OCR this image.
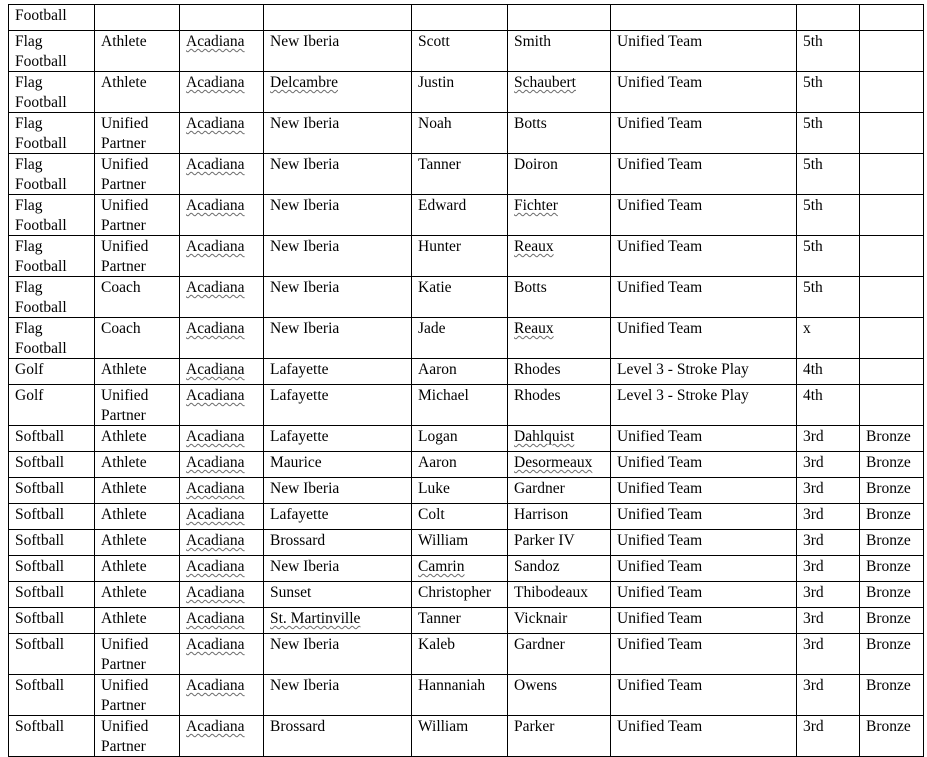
Football								
Flag Football	Athlete	Acadiana	New Iberia	Scott	Smith	Unified Team	5th	
Flag Football	Athlete	Acadiana	Delcambre	Justin	Schaubert	Unified Team	5th	
Flag Football	Unified Partner	Acadiana	New Iberia	Noah	Botts	Unified Team	5th	
Flag Football	Unified Partner	Acadiana	New Iberia	Tanner	Doiron	Unified Team	5th	
Flag Football	Unified Partner	Acadiana	New Iberia	Edward	Fichter	Unified Team	5th	
Flag Football	Unified Partner	Acadiana	New Iberia	Hunter	Reaux	Unified Team	5th	
Flag Football	Coach	Acadiana	New Iberia	Katie	Botts	Unified Team	5th	
Flag Football	Coach	Acadiana	New Iberia	Jade	Reaux	Unified Team	x	
Golf	Athlete	Acadiana	Lafayette	Aaron	Rhodes	Level 3 - Stroke Play	4th	
Golf	Unified Partner	Acadiana	Lafayette	Michael	Rhodes	Level 3 - Stroke Play	4th	
Softball	Athlete	Acadiana	Lafayette	Logan	Dahlquist	Unified Team	3rd	Bronze
Softball	Athlete	Acadiana	Maurice	Aaron	Desormeaux	Unified Team	3rd	Bronze
Softball	Athlete	Acadiana	New Iberia	Luke	Gardner	Unified Team	3rd	Bronze
Softball	Athlete	Acadiana	Lafayette	Colt	Harrison	Unified Team	3rd	Bronze
Softball	Athlete	Acadiana	Brossard	William	Parker IV	Unified Team	3rd	Bronze
Softball	Athlete	Acadiana	New Iberia	Camrin	Sandoz	Unified Team	3rd	Bronze
Softball	Athlete	Acadiana	Sunset	Christopher	Thibodeaux	Unified Team	3rd	Bronze
Softball	Athlete	Acadiana	St. Martinville	Tanner	Vicknair	Unified Team	3rd	Bronze
Softball	Unified Partner	Acadiana	New Iberia	Kaleb	Gardner	Unified Team	3rd	Bronze
Softball	Unified Partner	Acadiana	New Iberia	Hannaniah	Owens	Unified Team	3rd	Bronze
Softball	Unified Partner	Acadiana	Brossard	William	Parker	Unified Team	3rd	Bronze
